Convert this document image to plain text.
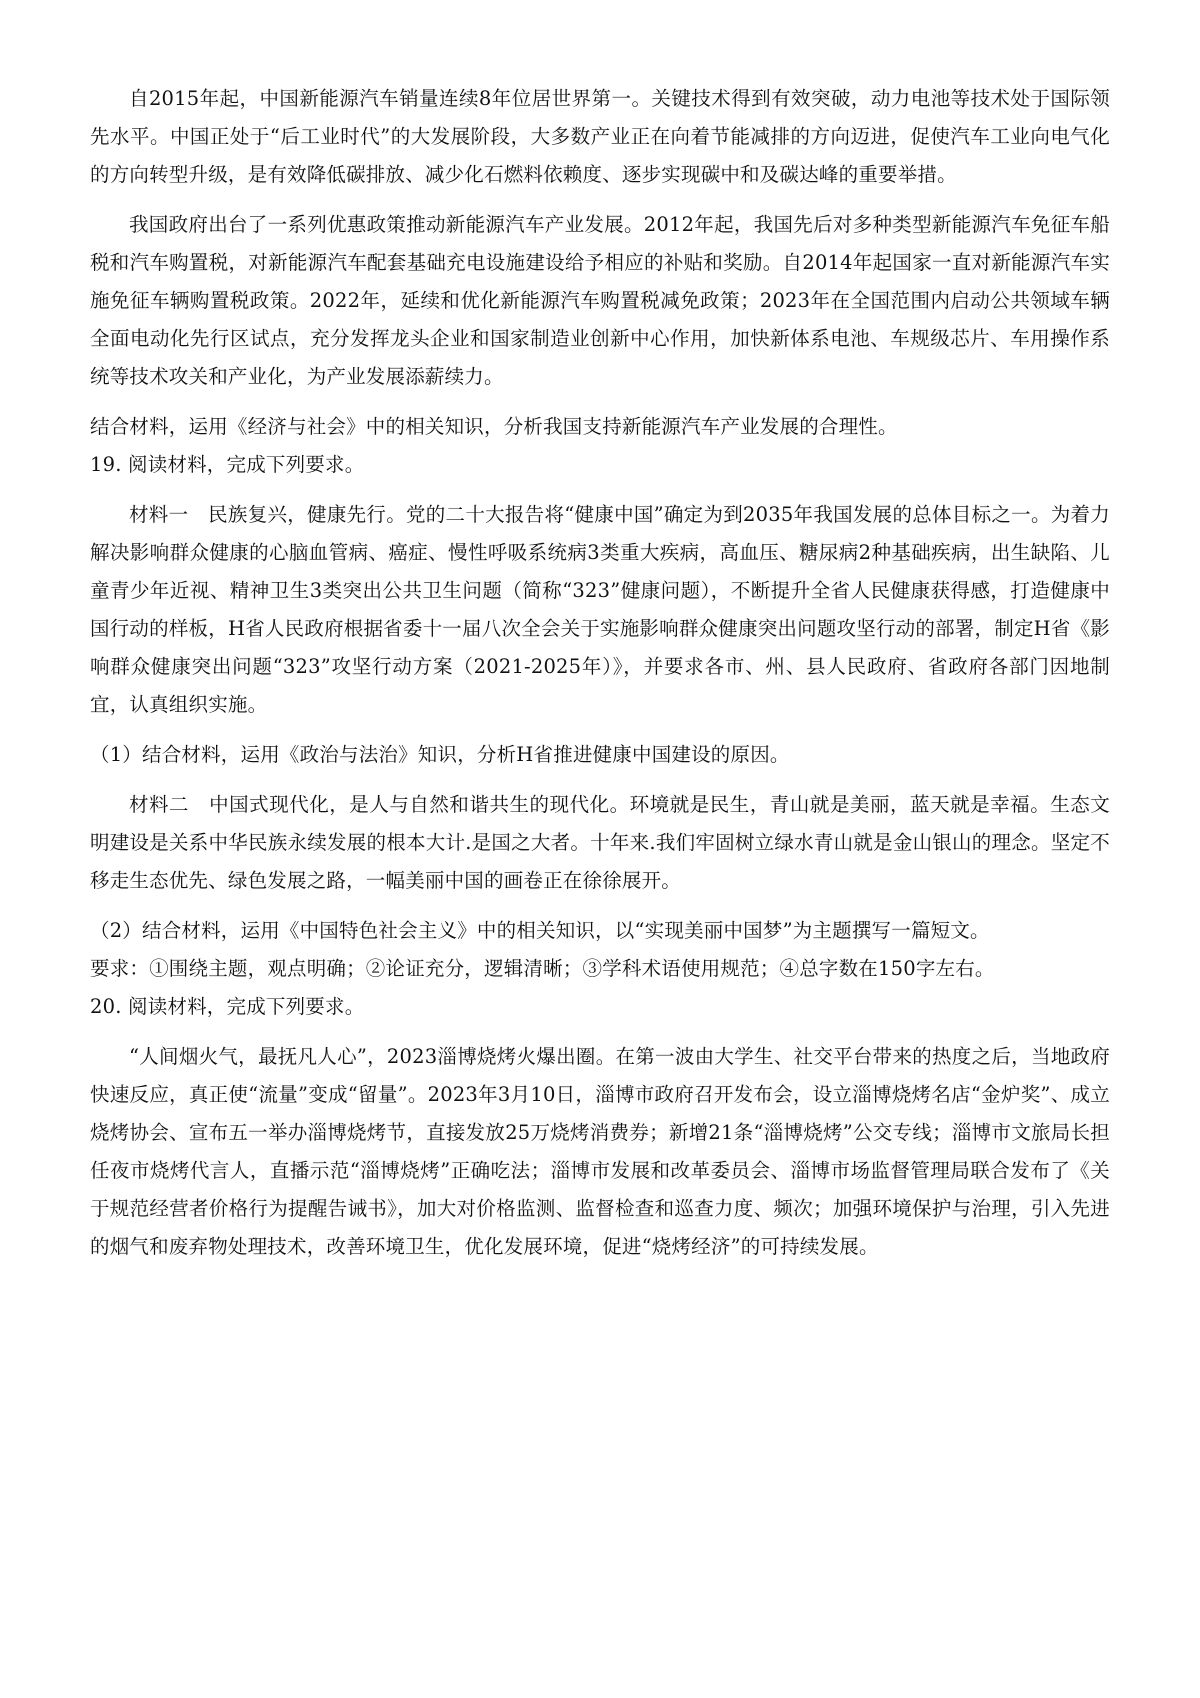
自2015年起，中国新能源汽车销量连续8年位居世界第一。关键技术得到有效突破，动力电池等技术处于国际领先水平。中国正处于“后工业时代”的大发展阶段，大多数产业正在向着节能减排的方向迈进，促使汽车工业向电气化的方向转型升级，是有效降低碳排放、减少化石燃料依赖度、逐步实现碳中和及碳达峰的重要举措。

我国政府出台了一系列优惠政策推动新能源汽车产业发展。2012年起，我国先后对多种类型新能源汽车免征车船税和汽车购置税，对新能源汽车配套基础充电设施建设给予相应的补贴和奖励。自2014年起国家一直对新能源汽车实施免征车辆购置税政策。2022年，延续和优化新能源汽车购置税减免政策；2023年在全国范围内启动公共领域车辆全面电动化先行区试点，充分发挥龙头企业和国家制造业创新中心作用，加快新体系电池、车规级芯片、车用操作系统等技术攻关和产业化，为产业发展添薪续力。

结合材料，运用《经济与社会》中的相关知识，分析我国支持新能源汽车产业发展的合理性。

19. 阅读材料，完成下列要求。

材料一　民族复兴，健康先行。党的二十大报告将“健康中国”确定为到2035年我国发展的总体目标之一。为着力解决影响群众健康的心脑血管病、癌症、慢性呼吸系统病3类重大疾病，高血压、糖尿病2种基础疾病，出生缺陷、儿童青少年近视、精神卫生3类突出公共卫生问题（简称“323”健康问题），不断提升全省人民健康获得感，打造健康中国行动的样板，H省人民政府根据省委十一届八次全会关于实施影响群众健康突出问题攻坚行动的部署，制定H省《影响群众健康突出问题“323”攻坚行动方案（2021-2025年）》，并要求各市、州、县人民政府、省政府各部门因地制宜，认真组织实施。

（1）结合材料，运用《政治与法治》知识，分析H省推进健康中国建设的原因。

材料二　中国式现代化，是人与自然和谐共生的现代化。环境就是民生，青山就是美丽，蓝天就是幸福。生态文明建设是关系中华民族永续发展的根本大计.是国之大者。十年来.我们牢固树立绿水青山就是金山银山的理念。坚定不移走生态优先、绿色发展之路，一幅美丽中国的画卷正在徐徐展开。

（2）结合材料，运用《中国特色社会主义》中的相关知识，以“实现美丽中国梦”为主题撰写一篇短文。

要求：①围绕主题，观点明确；②论证充分，逻辑清晰；③学科术语使用规范；④总字数在150字左右。

20. 阅读材料，完成下列要求。

“人间烟火气，最抚凡人心”，2023淄博烧烤火爆出圈。在第一波由大学生、社交平台带来的热度之后，当地政府快速反应，真正使“流量”变成“留量”。2023年3月10日，淄博市政府召开发布会，设立淄博烧烤名店“金炉奖”、成立烧烤协会、宣布五一举办淄博烧烤节，直接发放25万烧烤消费券；新增21条“淄博烧烤”公交专线；淄博市文旅局长担任夜市烧烤代言人，直播示范“淄博烧烤”正确吃法；淄博市发展和改革委员会、淄博市场监督管理局联合发布了《关于规范经营者价格行为提醒告诫书》，加大对价格监测、监督检查和巡查力度、频次；加强环境保护与治理，引入先进的烟气和废弃物处理技术，改善环境卫生，优化发展环境，促进“烧烤经济”的可持续发展。
